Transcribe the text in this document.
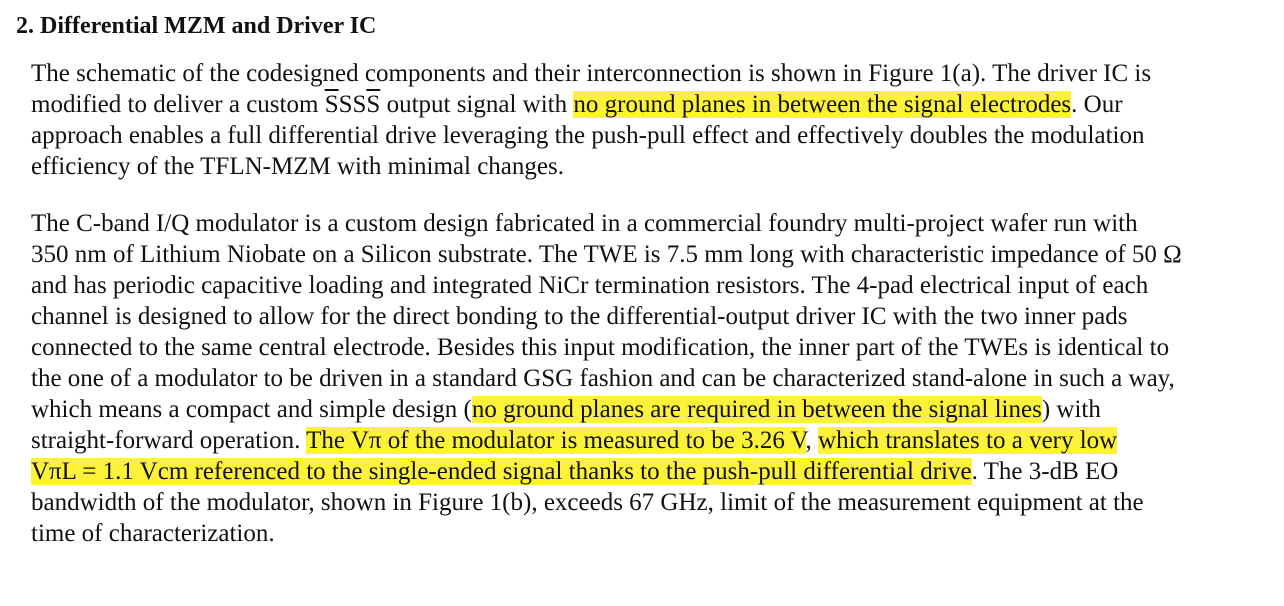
2. Differential MZM and Driver IC

The schematic of the codesigned components and their interconnection is shown in Figure 1(a). The driver IC is
modified to deliver a custom $\overline{S}SS\overline{S}$ output signal with no ground planes in between the signal electrodes. Our
approach enables a full differential drive leveraging the push-pull effect and effectively doubles the modulation
efficiency of the TFLN-MZM with minimal changes.

The C-band I/Q modulator is a custom design fabricated in a commercial foundry multi-project wafer run with
350 nm of Lithium Niobate on a Silicon substrate. The TWE is 7.5 mm long with characteristic impedance of 50 Ω
and has periodic capacitive loading and integrated NiCr termination resistors. The 4-pad electrical input of each
channel is designed to allow for the direct bonding to the differential-output driver IC with the two inner pads
connected to the same central electrode. Besides this input modification, the inner part of the TWEs is identical to
the one of a modulator to be driven in a standard GSG fashion and can be characterized stand-alone in such a way,
which means a compact and simple design (no ground planes are required in between the signal lines) with
straight-forward operation. The Vπ of the modulator is measured to be 3.26 V, which translates to a very low
VπL = 1.1 Vcm referenced to the single-ended signal thanks to the push-pull differential drive. The 3-dB EO
bandwidth of the modulator, shown in Figure 1(b), exceeds 67 GHz, limit of the measurement equipment at the
time of characterization.
